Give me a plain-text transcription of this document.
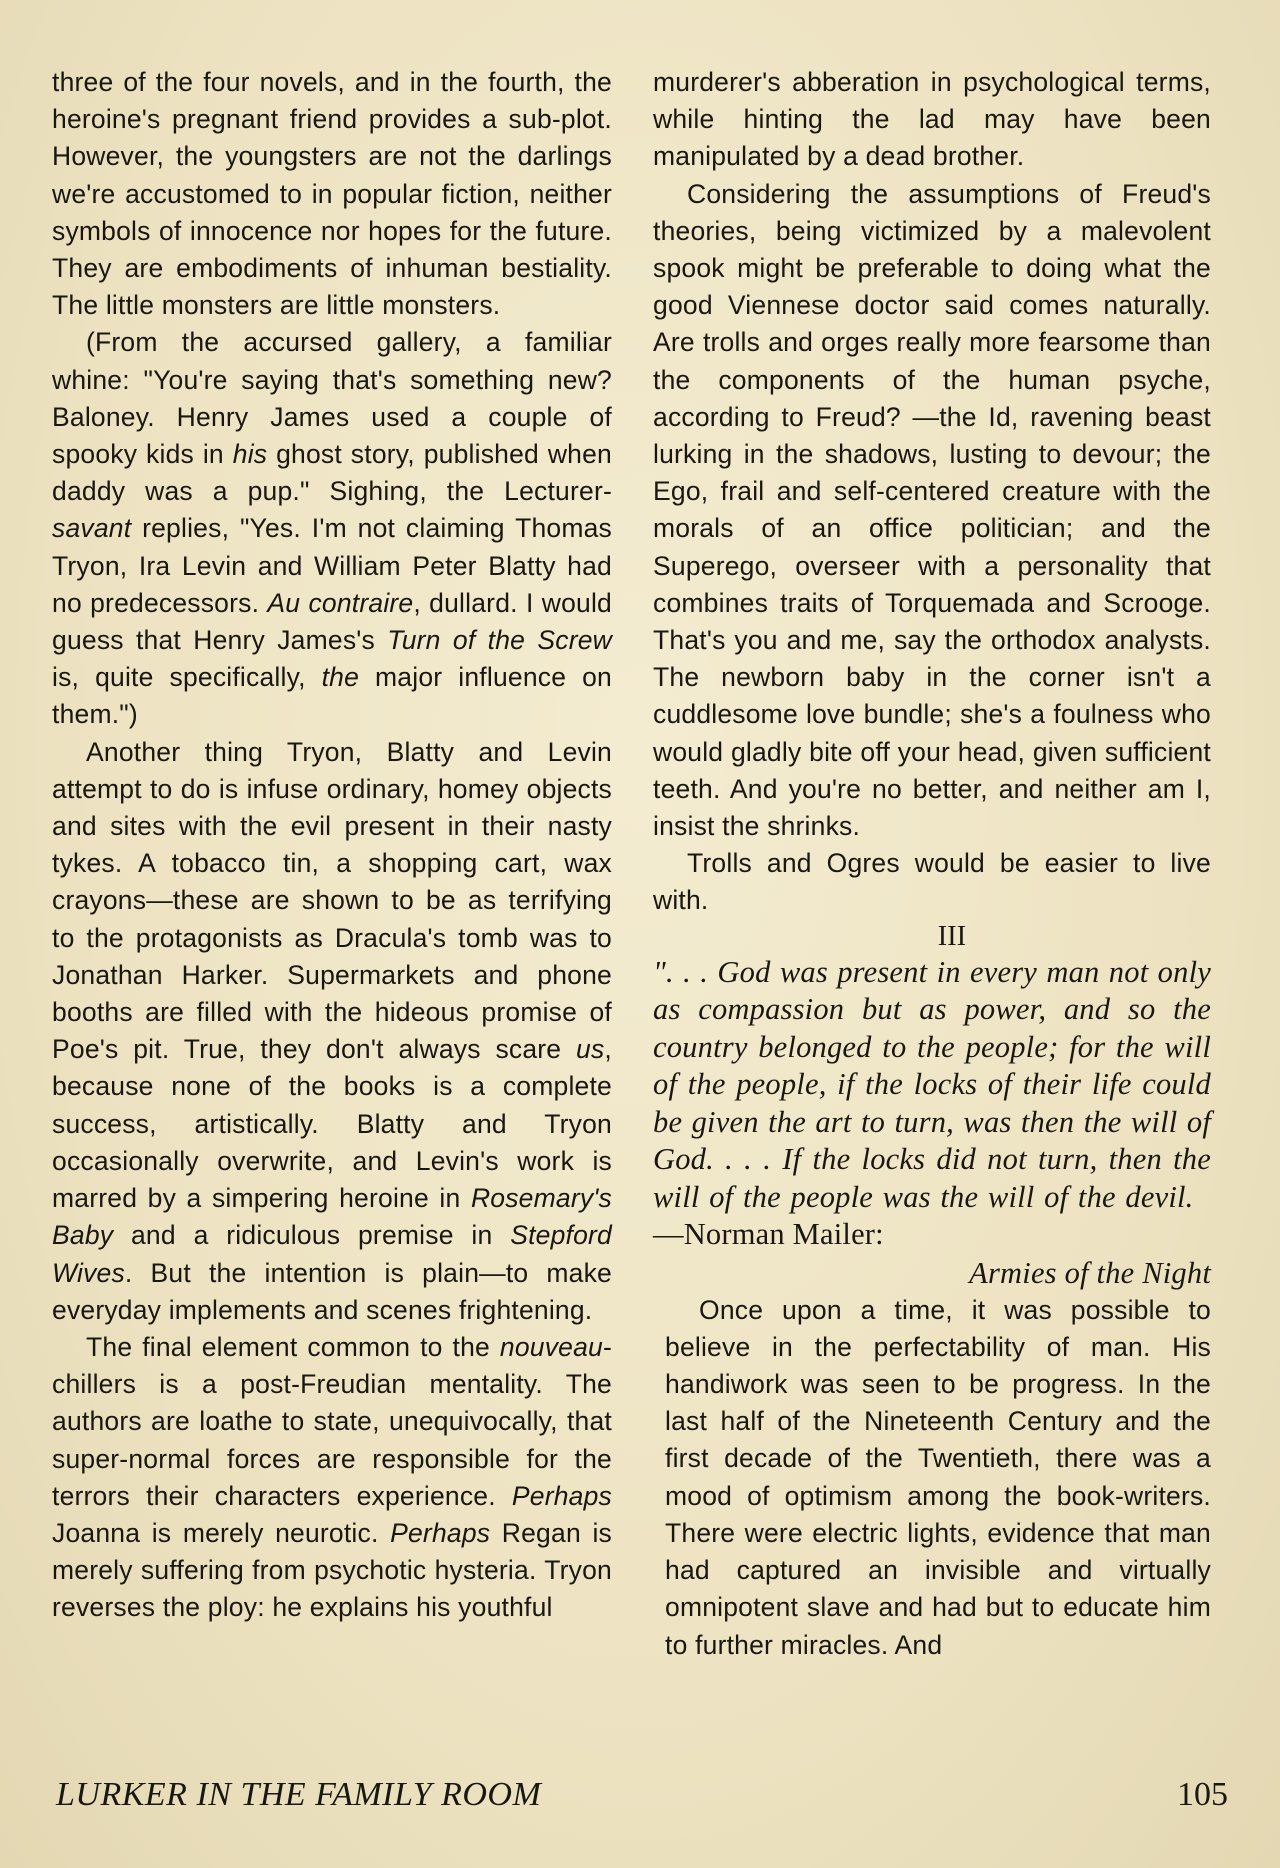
three of the four novels, and in the fourth, the heroine's pregnant friend provides a sub-plot. However, the youngsters are not the darlings we're accustomed to in popular fiction, neither symbols of innocence nor hopes for the future. They are embodiments of inhuman bestiality. The little monsters are little monsters.

(From the accursed gallery, a familiar whine: "You're saying that's something new? Baloney. Henry James used a couple of spooky kids in his ghost story, published when daddy was a pup." Sighing, the Lecturer-savant replies, "Yes. I'm not claiming Thomas Tryon, Ira Levin and William Peter Blatty had no predecessors. Au contraire, dullard. I would guess that Henry James's Turn of the Screw is, quite specifically, the major influence on them.")

Another thing Tryon, Blatty and Levin attempt to do is infuse ordinary, homey objects and sites with the evil present in their nasty tykes. A tobacco tin, a shopping cart, wax crayons—these are shown to be as terrifying to the protagonists as Dracula's tomb was to Jonathan Harker. Supermarkets and phone booths are filled with the hideous promise of Poe's pit. True, they don't always scare us, because none of the books is a complete success, artistically. Blatty and Tryon occasionally overwrite, and Levin's work is marred by a simpering heroine in Rosemary's Baby and a ridiculous premise in Stepford Wives. But the intention is plain—to make everyday implements and scenes frightening.

The final element common to the nouveau-chillers is a post-Freudian mentality. The authors are loathe to state, unequivocally, that super-normal forces are responsible for the terrors their characters experience. Perhaps Joanna is merely neurotic. Perhaps Regan is merely suffering from psychotic hysteria. Tryon reverses the ploy: he explains his youthful

murderer's abberation in psychological terms, while hinting the lad may have been manipulated by a dead brother.

Considering the assumptions of Freud's theories, being victimized by a malevolent spook might be preferable to doing what the good Viennese doctor said comes naturally. Are trolls and orges really more fearsome than the components of the human psyche, according to Freud? —the Id, ravening beast lurking in the shadows, lusting to devour; the Ego, frail and self-centered creature with the morals of an office politician; and the Superego, overseer with a personality that combines traits of Torquemada and Scrooge. That's you and me, say the orthodox analysts. The newborn baby in the corner isn't a cuddlesome love bundle; she's a foulness who would gladly bite off your head, given sufficient teeth. And you're no better, and neither am I, insist the shrinks.

Trolls and Ogres would be easier to live with.

III

". . . God was present in every man not only as compassion but as power, and so the country belonged to the people; for the will of the people, if the locks of their life could be given the art to turn, was then the will of God. . . . If the locks did not turn, then the will of the people was the will of the devil.   —Norman Mailer:

Armies of the Night

Once upon a time, it was possible to believe in the perfectability of man. His handiwork was seen to be progress. In the last half of the Nineteenth Century and the first decade of the Twentieth, there was a mood of optimism among the book-writers. There were electric lights, evidence that man had captured an invisible and virtually omnipotent slave and had but to educate him to further miracles. And

LURKER IN THE FAMILY ROOM	105
